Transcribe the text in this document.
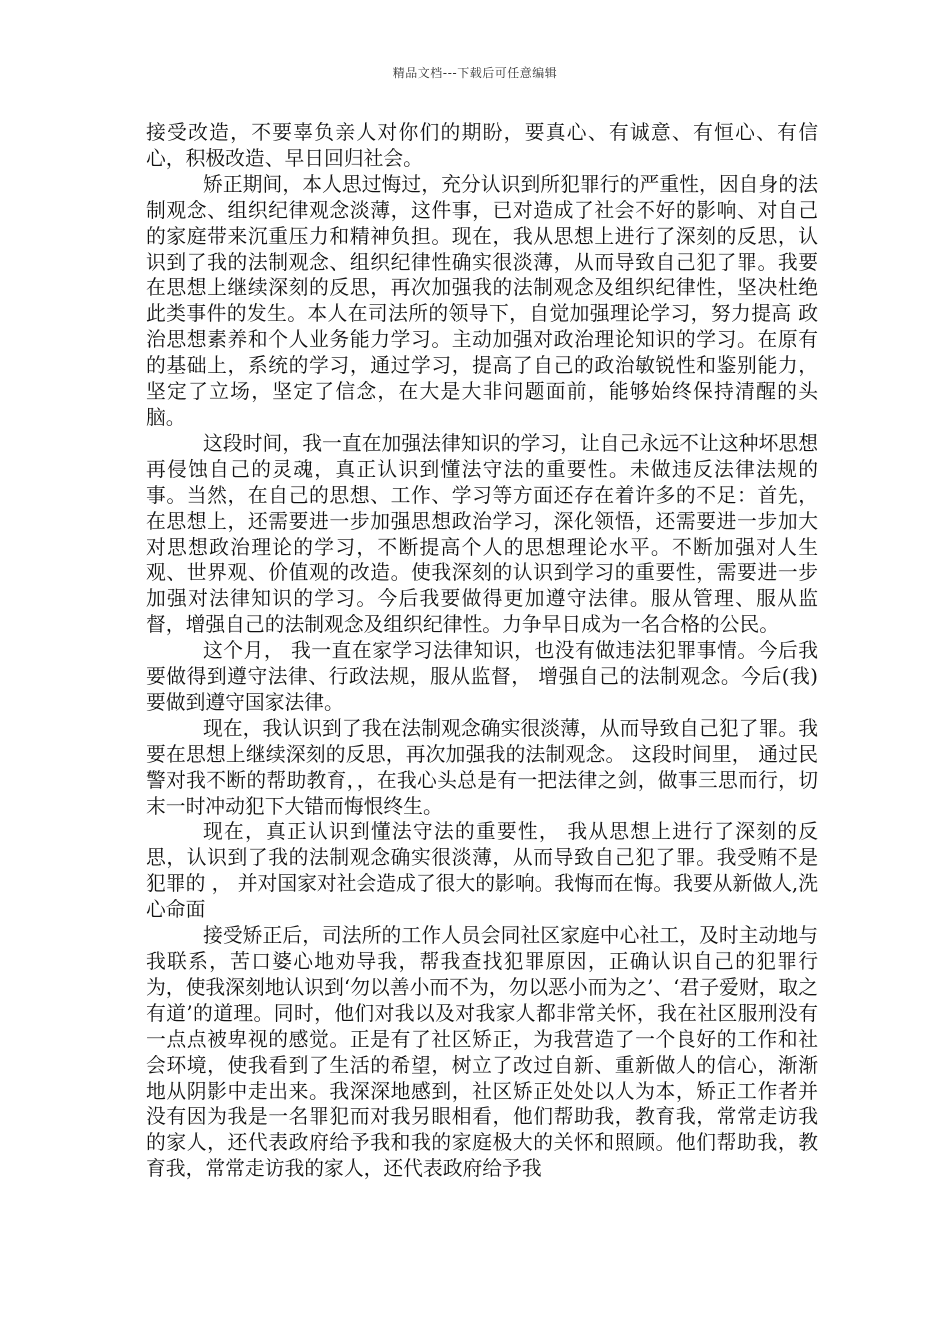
精品文档---下载后可任意编辑

接受改造，不要辜负亲人对你们的期盼，要真心、有诚意、有恒心、有信心，积极改造、早日回归社会。

矫正期间，本人思过悔过，充分认识到所犯罪行的严重性，因自身的法制观念、组织纪律观念淡薄，这件事，已对造成了社会不好的影响、对自己的家庭带来沉重压力和精神负担。现在，我从思想上进行了深刻的反思，认识到了我的法制观念、组织纪律性确实很淡薄，从而导致自己犯了罪。我要在思想上继续深刻的反思，再次加强我的法制观念及组织纪律性，坚决杜绝此类事件的发生。本人在司法所的领导下，自觉加强理论学习，努力提高 政治思想素养和个人业务能力学习。主动加强对政治理论知识的学习。在原有的基础上，系统的学习，通过学习，提高了自己的政治敏锐性和鉴别能力，坚定了立场，坚定了信念，在大是大非问题面前，能够始终保持清醒的头脑。

这段时间，我一直在加强法律知识的学习，让自己永远不让这种坏思想再侵蚀自己的灵魂，真正认识到懂法守法的重要性。未做违反法律法规的事。当然，在自己的思想、工作、学习等方面还存在着许多的不足：首先，在思想上，还需要进一步加强思想政治学习，深化领悟，还需要进一步加大对思想政治理论的学习，不断提高个人的思想理论水平。不断加强对人生观、世界观、价值观的改造。使我深刻的认识到学习的重要性，需要进一步加强对法律知识的学习。今后我要做得更加遵守法律。服从管理、服从监督，增强自己的法制观念及组织纪律性。力争早日成为一名合格的公民。

这个月， 我一直在家学习法律知识，也没有做违法犯罪事情。今后我要做得到遵守法律、行政法规，服从监督， 增强自己的法制观念。今后(我)要做到遵守国家法律。

现在，我认识到了我在法制观念确实很淡薄，从而导致自己犯了罪。我要在思想上继续深刻的反思，再次加强我的法制观念。 这段时间里， 通过民警对我不断的帮助教育，，在我心头总是有一把法律之剑，做事三思而行，切末一时冲动犯下大错而悔恨终生。

现在，真正认识到懂法守法的重要性， 我从思想上进行了深刻的反思，认识到了我的法制观念确实很淡薄，从而导致自己犯了罪。我受贿不是犯罪的 ， 并对国家对社会造成了很大的影响。我悔而在悔。我要从新做人,洗心命面

接受矫正后，司法所的工作人员会同社区家庭中心社工，及时主动地与我联系，苦口婆心地劝导我，帮我查找犯罪原因，正确认识自己的犯罪行为，使我深刻地认识到‘勿以善小而不为，勿以恶小而为之’、‘君子爱财，取之有道’的道理。同时，他们对我以及对我家人都非常关怀，我在社区服刑没有一点点被卑视的感觉。正是有了社区矫正，为我营造了一个良好的工作和社会环境，使我看到了生活的希望，树立了改过自新、重新做人的信心，渐渐地从阴影中走出来。我深深地感到，社区矫正处处以人为本，矫正工作者并没有因为我是一名罪犯而对我另眼相看，他们帮助我，教育我，常常走访我的家人，还代表政府给予我和我的家庭极大的关怀和照顾。他们帮助我，教育我，常常走访我的家人，还代表政府给予我
